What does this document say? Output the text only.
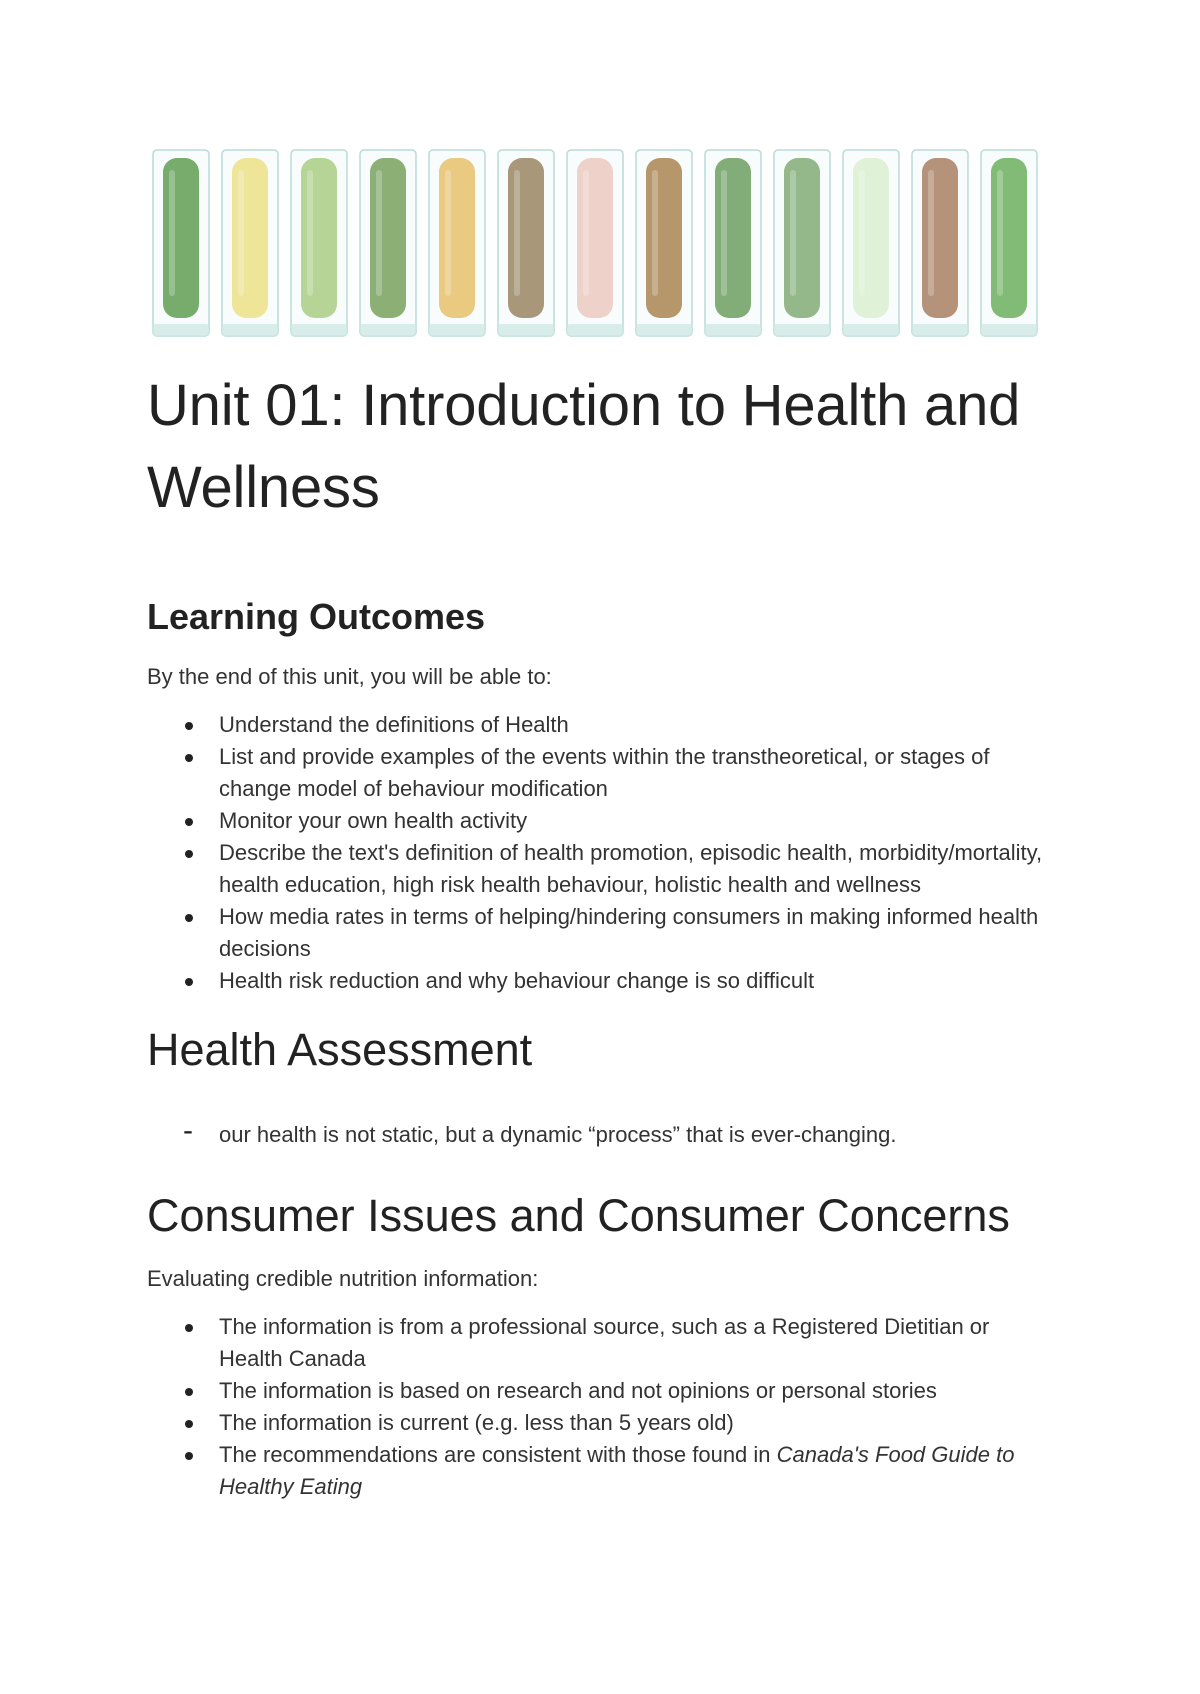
Unit 01: Introduction to Health and Wellness
Learning Outcomes

By the end of this unit, you will be able to:

Understand the definitions of Health
List and provide examples of the events within the transtheoretical, or stages of change model of behaviour modification
Monitor your own health activity
Describe the text's definition of health promotion, episodic health, morbidity/mortality, health education, high risk health behaviour, holistic health and wellness
How media rates in terms of helping/hindering consumers in making informed health decisions
Health risk reduction and why behaviour change is so difficult
Health Assessment
- our health is not static, but a dynamic “process” that is ever-changing.
Consumer Issues and Consumer Concerns

Evaluating credible nutrition information:

The information is from a professional source, such as a Registered Dietitian or Health Canada
The information is based on research and not opinions or personal stories
The information is current (e.g. less than 5 years old)
The recommendations are consistent with those found in Canada's Food Guide to Healthy Eating
